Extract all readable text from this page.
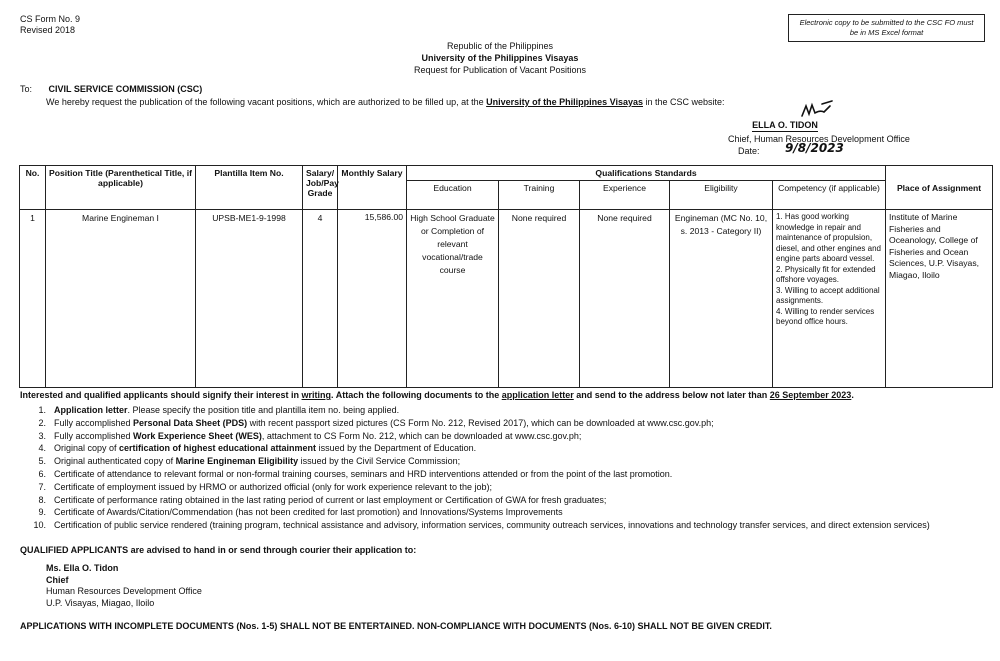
CS Form No. 9
Revised 2018
Electronic copy to be submitted to the CSC FO must
be in MS Excel format
Republic of the Philippines
University of the Philippines Visayas
Request for Publication of Vacant Positions
To: CIVIL SERVICE COMMISSION (CSC)
We hereby request the publication of the following vacant positions, which are authorized to be filled up, at the University of the Philippines Visayas in the CSC website:
ELLA O. TIDON
Chief, Human Resources Development Office
Date: 9/8/2023
No.	Position Title (Parenthetical Title, if applicable)	Plantilla Item No.	Salary/ Job/Pay Grade	Monthly Salary	Qualifications Standards					Place of Assignment
					Education	Training	Experience	Eligibility	Competency (if applicable)	
1	Marine Engineman I	UPSB-ME1-9-1998	4	15,586.00	High School Graduate or Completion of relevant vocational/trade course	None required	None required	Engineman (MC No. 10, s. 2013 - Category II)	1. Has good working knowledge in repair and maintenance of propulsion, diesel, and other engines and engine parts aboard vessel.
2. Physically fit for extended offshore voyages.
3. Willing to accept additional assignments.
4. Willing to render services beyond office hours.	Institute of Marine Fisheries and Oceanology, College of Fisheries and Ocean Sciences, U.P. Visayas, Miagao, Iloilo
Interested and qualified applicants should signify their interest in writing. Attach the following documents to the application letter and send to the address below not later than 26 September 2023.
1. Application letter. Please specify the position title and plantilla item no. being applied.
2. Fully accomplished Personal Data Sheet (PDS) with recent passport sized pictures (CS Form No. 212, Revised 2017), which can be downloaded at www.csc.gov.ph;
3. Fully accomplished Work Experience Sheet (WES), attachment to CS Form No. 212, which can be downloaded at www.csc.gov.ph;
4. Original copy of certification of highest educational attainment issued by the Department of Education.
5. Original authenticated copy of Marine Engineman Eligibility issued by the Civil Service Commission;
6. Certificate of attendance to relevant formal or non-formal training courses, seminars and HRD interventions attended or from the point of the last promotion.
7. Certificate of employment issued by HRMO or authorized official (only for work experience relevant to the job);
8. Certificate of performance rating obtained in the last rating period of current or last employment or Certification of GWA for fresh graduates;
9. Certificate of Awards/Citation/Commendation (has not been credited for last promotion) and Innovations/Systems Improvements
10. Certification of public service rendered (training program, technical assistance and advisory, information services, community outreach services, innovations and technology transfer services, and direct extension services)
QUALIFIED APPLICANTS are advised to hand in or send through courier their application to:
Ms. Ella O. Tidon
Chief
Human Resources Development Office
U.P. Visayas, Miagao, Iloilo
APPLICATIONS WITH INCOMPLETE DOCUMENTS (Nos. 1-5) SHALL NOT BE ENTERTAINED. NON-COMPLIANCE WITH DOCUMENTS (Nos. 6-10) SHALL NOT BE GIVEN CREDIT.
